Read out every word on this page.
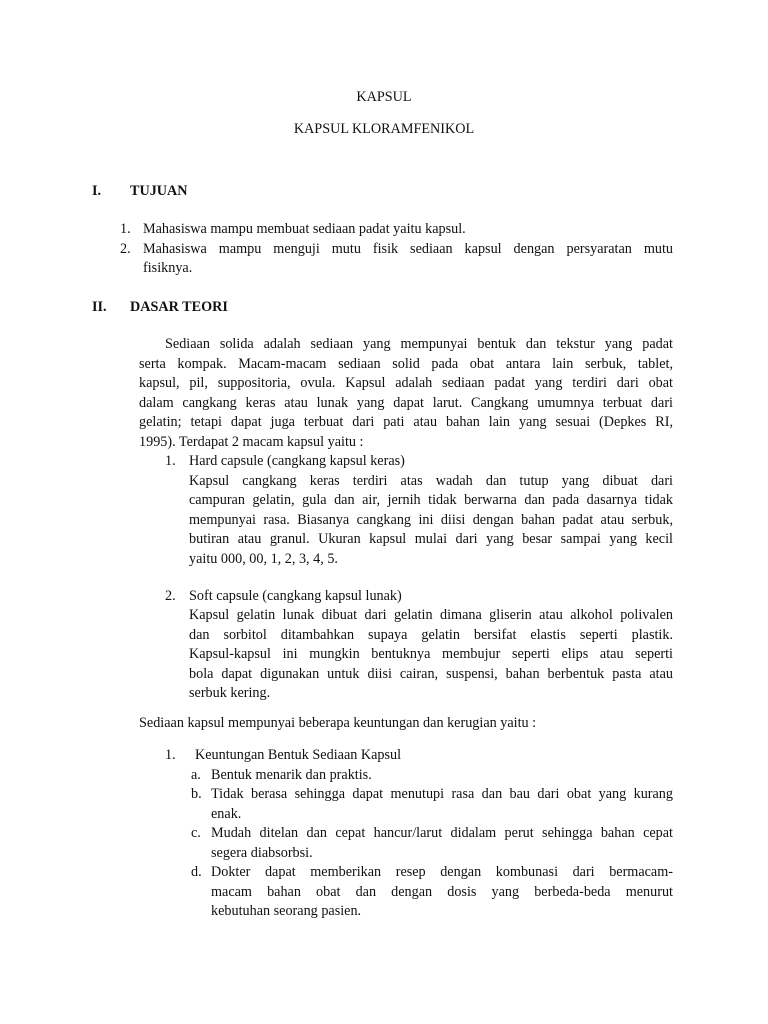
KAPSUL
KAPSUL KLORAMFENIKOL
I. TUJUAN
1. Mahasiswa mampu membuat sediaan padat yaitu kapsul.
2. Mahasiswa mampu menguji mutu fisik sediaan kapsul dengan persyaratan mutu
fisiknya.
II. DASAR TEORI
Sediaan solida adalah sediaan yang mempunyai bentuk dan tekstur yang padat
serta kompak. Macam-macam sediaan solid pada obat antara lain serbuk, tablet,
kapsul, pil, suppositoria, ovula. Kapsul adalah sediaan padat yang terdiri dari obat
dalam cangkang keras atau lunak yang dapat larut. Cangkang umumnya terbuat dari
gelatin; tetapi dapat juga terbuat dari pati atau bahan lain yang sesuai (Depkes RI,
1995). Terdapat 2 macam kapsul yaitu :
1. Hard capsule (cangkang kapsul keras)
Kapsul cangkang keras terdiri atas wadah dan tutup yang dibuat dari
campuran gelatin, gula dan air, jernih tidak berwarna dan pada dasarnya tidak
mempunyai rasa. Biasanya cangkang ini diisi dengan bahan padat atau serbuk,
butiran atau granul. Ukuran kapsul mulai dari yang besar sampai yang kecil
yaitu 000, 00, 1, 2, 3, 4, 5.
2. Soft capsule (cangkang kapsul lunak)
Kapsul gelatin lunak dibuat dari gelatin dimana gliserin atau alkohol polivalen
dan sorbitol ditambahkan supaya gelatin bersifat elastis seperti plastik.
Kapsul-kapsul ini mungkin bentuknya membujur seperti elips atau seperti
bola dapat digunakan untuk diisi cairan, suspensi, bahan berbentuk pasta atau
serbuk kering.
Sediaan kapsul mempunyai beberapa keuntungan dan kerugian yaitu :
1. Keuntungan Bentuk Sediaan Kapsul
a. Bentuk menarik dan praktis.
b. Tidak berasa sehingga dapat menutupi rasa dan bau dari obat yang kurang
enak.
c. Mudah ditelan dan cepat hancur/larut didalam perut sehingga bahan cepat
segera diabsorbsi.
d. Dokter dapat memberikan resep dengan kombunasi dari bermacam-
macam bahan obat dan dengan dosis yang berbeda-beda menurut
kebutuhan seorang pasien.
